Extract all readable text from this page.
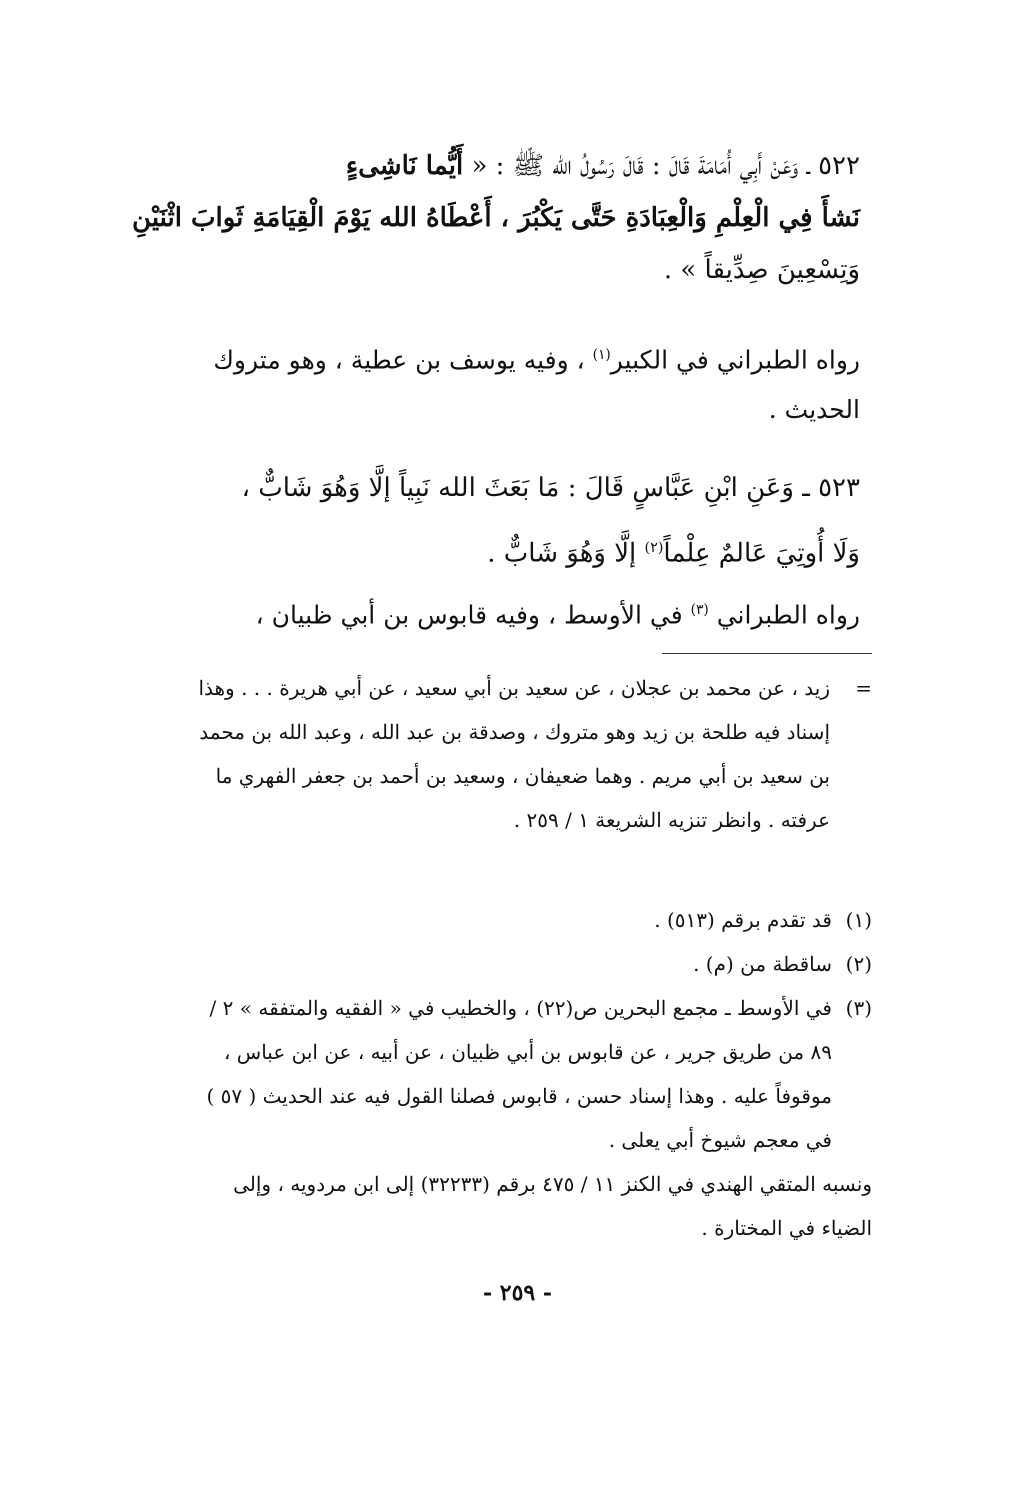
٥٢٢ ـ وَعَنْ أَبِي أُمَامَةَ قَالَ : قَالَ رَسُولُ الله ﷺ : « أَيُّما نَاشِىءٍ
نَشأَ فِي الْعِلْمِ وَالْعِبَادَةِ حَتَّى يَكْبُرَ ، أَعْطَاهُ الله يَوْمَ الْقِيَامَةِ ثَوابَ اثْنَيْنِ
وَتِسْعِينَ صِدِّيقاً » .
رواه الطبراني في الكبير$^{(١)}$ ، وفيه يوسف بن عطية ، وهو متروك الحديث .
٥٢٣ ـ وَعَنِ ابْنِ عَبَّاسٍ قَالَ : مَا بَعَثَ الله نَبِياً إلَّا وَهُوَ شَابٌّ ،
وَلَا أُوتِيَ عَالمٌ عِلْماً$^{(٢)}$ إلَّا وَهُوَ شَابٌّ .
رواه الطبراني $^{(٣)}$ في الأوسط ، وفيه قابوس بن أبي ظبيان ،
=
زيد ، عن محمد بن عجلان ، عن سعيد بن أبي سعيد ، عن أبي هريرة . . . وهذا إسناد فيه طلحة بن زيد وهو متروك ، وصدقة بن عبد الله ، وعبد الله بن محمد بن سعيد بن أبي مريم . وهما ضعيفان ، وسعيد بن أحمد بن جعفر الفهري ما عرفته . وانظر تنزيه الشريعة ١ / ٢٥٩ .
(١)
قد تقدم برقم (٥١٣) .
(٢)
ساقطة من (م) .
(٣)
في الأوسط ـ مجمع البحرين ص(٢٢) ، والخطيب في « الفقيه والمتفقه » ٢ / ٨٩ من طريق جرير ، عن قابوس بن أبي ظبيان ، عن أبيه ، عن ابن عباس ، موقوفاً عليه . وهذا إسناد حسن ، قابوس فصلنا القول فيه عند الحديث ( ٥٧ ) في معجم شيوخ أبي يعلى .
ونسبه المتقي الهندي في الكنز ١١ / ٤٧٥ برقم (٣٢٢٣٣) إلى ابن مردويه ، وإلى الضياء في المختارة .
- ٢٥٩ -
